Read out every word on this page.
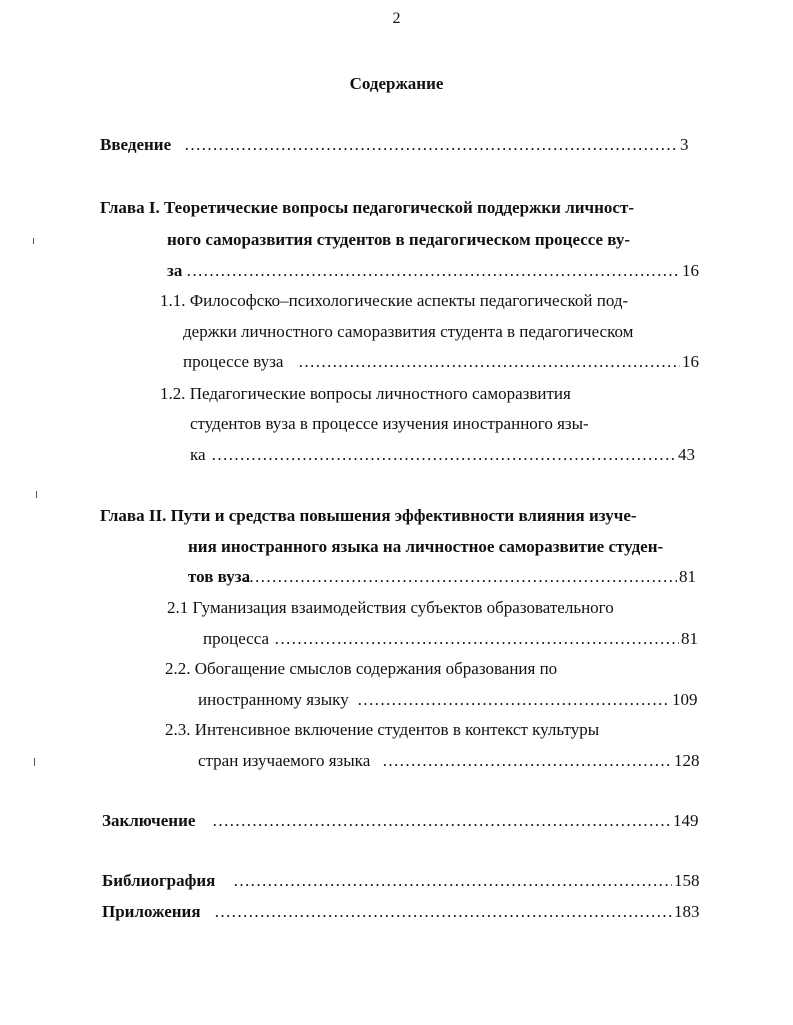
2
Содержание
Введение ……………………………………………………………………………………………………………………………………………………………………………………	3
Глава I. Теоретические вопросы педагогической поддержки личност-
ного саморазвития студентов в педагогическом процессе ву-
за ……………………………………………………………………………………………………………………………………………………………………………………	16
1.1. Философско–психологические аспекты педагогической под-
держки личностного саморазвития студента в педагогическом
процессе вуза ……………………………………………………………………………………………………………………………………………………………………………………	16
1.2. Педагогические вопросы личностного саморазвития
студентов вуза в процессе изучения иностранного язы-
ка ……………………………………………………………………………………………………………………………………………………………………………………	43
Глава II. Пути и средства повышения эффективности влияния изуче-
ния иностранного языка на личностное саморазвитие студен-
тов вуза ……………………………………………………………………………………………………………………………………………………………………………………	81
2.1 Гуманизация взаимодействия субъектов образовательного
процесса ……………………………………………………………………………………………………………………………………………………………………………………	81
2.2. Обогащение смыслов содержания образования по
иностранному языку ……………………………………………………………………………………………………………………………………………………………………………………	109
2.3. Интенсивное включение студентов в контекст культуры
стран изучаемого языка ……………………………………………………………………………………………………………………………………………………………………………………	128
Заключение ……………………………………………………………………………………………………………………………………………………………………………………	149
Библиография ……………………………………………………………………………………………………………………………………………………………………………………	158
Приложения ……………………………………………………………………………………………………………………………………………………………………………………	183
